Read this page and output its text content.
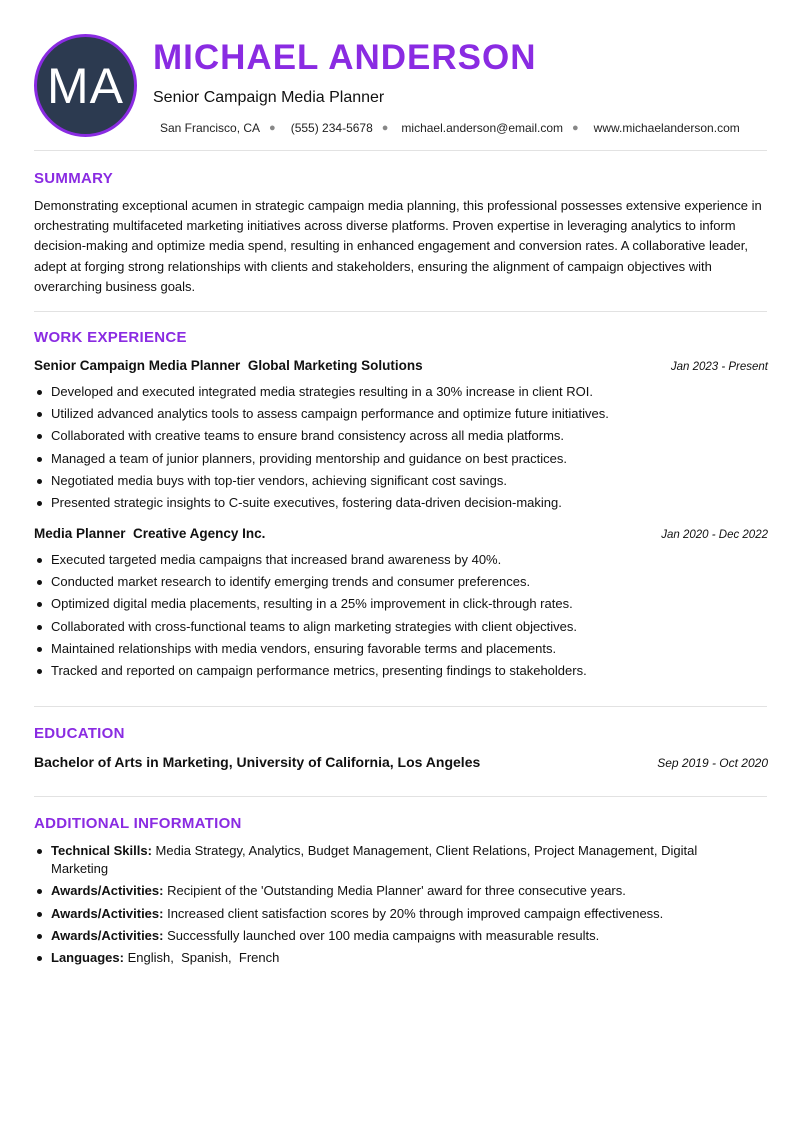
MA MICHAEL ANDERSON
Senior Campaign Media Planner
San Francisco, CA ● (555) 234-5678 ● michael.anderson@email.com ● www.michaelanderson.com
SUMMARY

Demonstrating exceptional acumen in strategic campaign media planning, this professional possesses extensive experience in orchestrating multifaceted marketing initiatives across diverse platforms. Proven expertise in leveraging analytics to inform decision-making and optimize media spend, resulting in enhanced engagement and conversion rates. A collaborative leader, adept at forging strong relationships with clients and stakeholders, ensuring the alignment of campaign objectives with overarching business goals.

WORK EXPERIENCE
Senior Campaign Media Planner Global Marketing Solutions	Jan 2023 - Present
Developed and executed integrated media strategies resulting in a 30% increase in client ROI.
Utilized advanced analytics tools to assess campaign performance and optimize future initiatives.
Collaborated with creative teams to ensure brand consistency across all media platforms.
Managed a team of junior planners, providing mentorship and guidance on best practices.
Negotiated media buys with top-tier vendors, achieving significant cost savings.
Presented strategic insights to C-suite executives, fostering data-driven decision-making.
Media Planner Creative Agency Inc.	Jan 2020 - Dec 2022
Executed targeted media campaigns that increased brand awareness by 40%.
Conducted market research to identify emerging trends and consumer preferences.
Optimized digital media placements, resulting in a 25% improvement in click-through rates.
Collaborated with cross-functional teams to align marketing strategies with client objectives.
Maintained relationships with media vendors, ensuring favorable terms and placements.
Tracked and reported on campaign performance metrics, presenting findings to stakeholders.
EDUCATION
Bachelor of Arts in Marketing, University of California, Los Angeles	Sep 2019 - Oct 2020
ADDITIONAL INFORMATION
Technical Skills: Media Strategy, Analytics, Budget Management, Client Relations, Project Management, Digital Marketing
Awards/Activities: Recipient of the 'Outstanding Media Planner' award for three consecutive years.
Awards/Activities: Increased client satisfaction scores by 20% through improved campaign effectiveness.
Awards/Activities: Successfully launched over 100 media campaigns with measurable results.
Languages: English,  Spanish,  French
